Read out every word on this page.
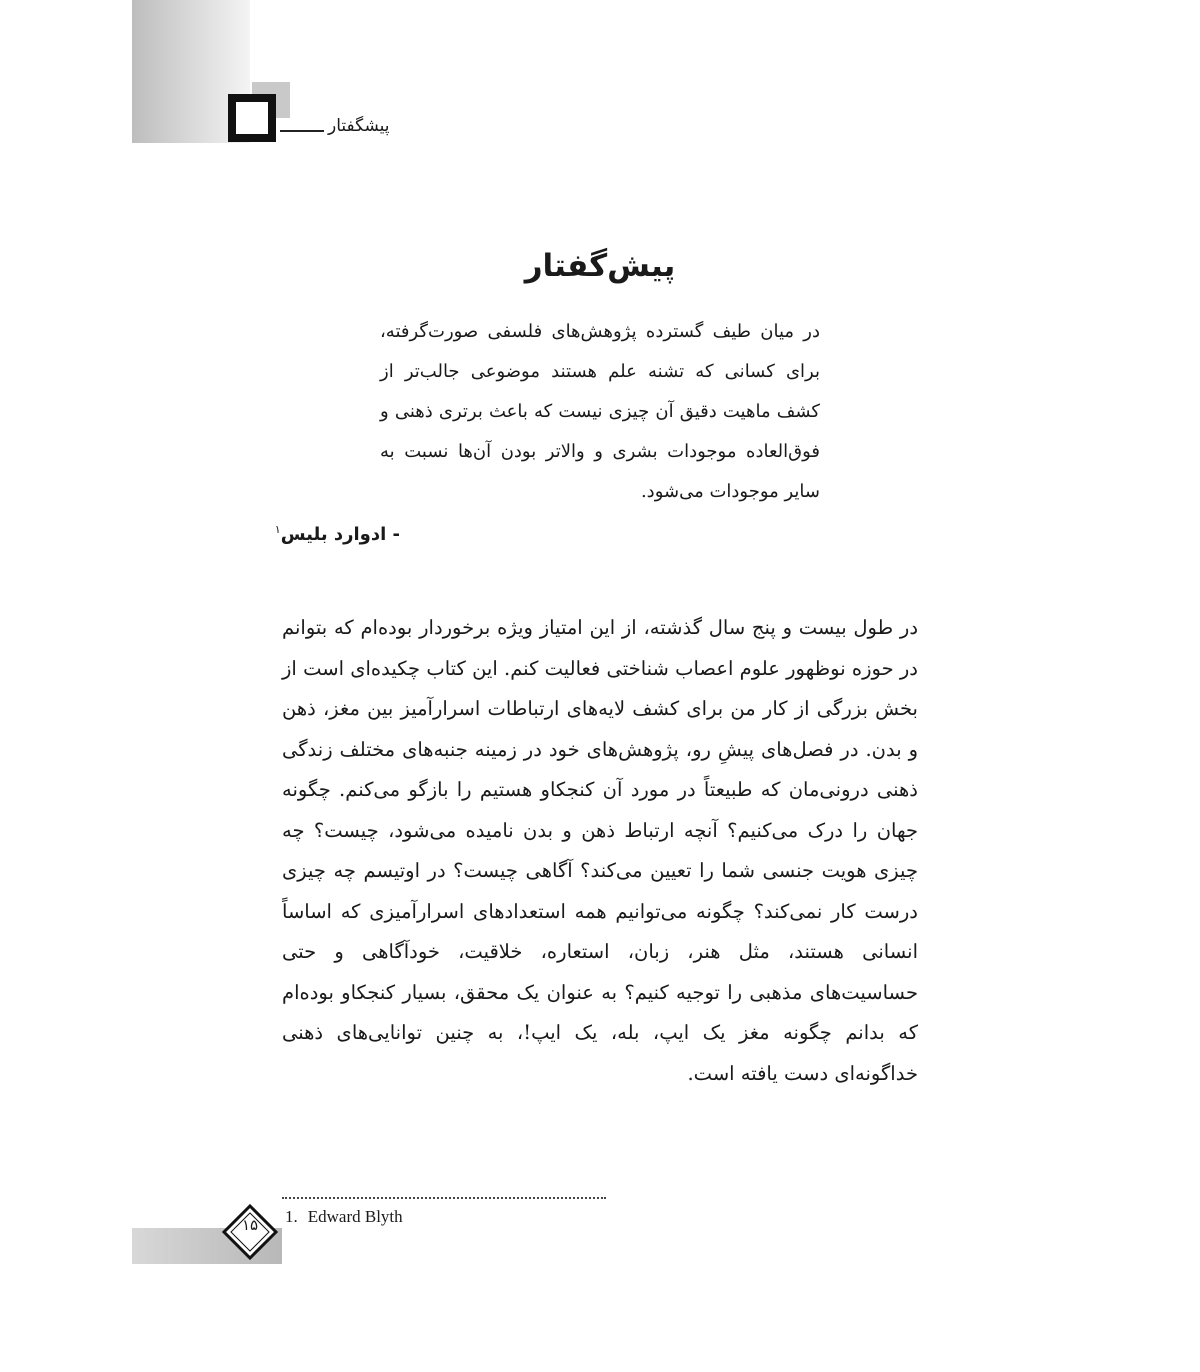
پیشگفتار
پیش‌گفتار
در میان طیف گسترده پژوهش‌های فلسفی صورت‌گرفته، برای کسانی که تشنه علم هستند موضوعی جالب‌تر از کشف ماهیت دقیق آن چیزی نیست که باعث برتری ذهنی و فوق‌العاده موجودات بشری و والاتر بودن آن‌ها نسبت به سایر موجودات می‌شود.
- ادوارد بلیس$^۱$
در طول بیست و پنج سال گذشته، از این امتیاز ویژه برخوردار بوده‌ام که بتوانم در حوزه نوظهور علوم اعصاب شناختی فعالیت کنم. این کتاب چکیده‌ای است از بخش بزرگی از کار من برای کشف لایه‌های ارتباطات اسرارآمیز بین مغز، ذهن و بدن. در فصل‌های پیشِ رو، پژوهش‌های خود در زمینه جنبه‌های مختلف زندگی ذهنی درونی‌مان که طبیعتاً در مورد آن کنجکاو هستیم را بازگو می‌کنم. چگونه جهان را درک می‌کنیم؟ آنچه ارتباط ذهن و بدن نامیده می‌شود، چیست؟ چه چیزی هویت جنسی شما را تعیین می‌کند؟ آگاهی چیست؟ در اوتیسم چه چیزی درست کار نمی‌کند؟ چگونه می‌توانیم همه استعدادهای اسرارآمیزی که اساساً انسانی هستند، مثل هنر، زبان، استعاره، خلاقیت، خودآگاهی و حتی حساسیت‌های مذهبی را توجیه کنیم؟ به عنوان یک محقق، بسیار کنجکاو بوده‌ام که بدانم چگونه مغز یک ایپ، بله، یک ایپ!، به چنین توانایی‌های ذهنی خداگونه‌ای دست یافته است.
۱۵	1. Edward Blyth
